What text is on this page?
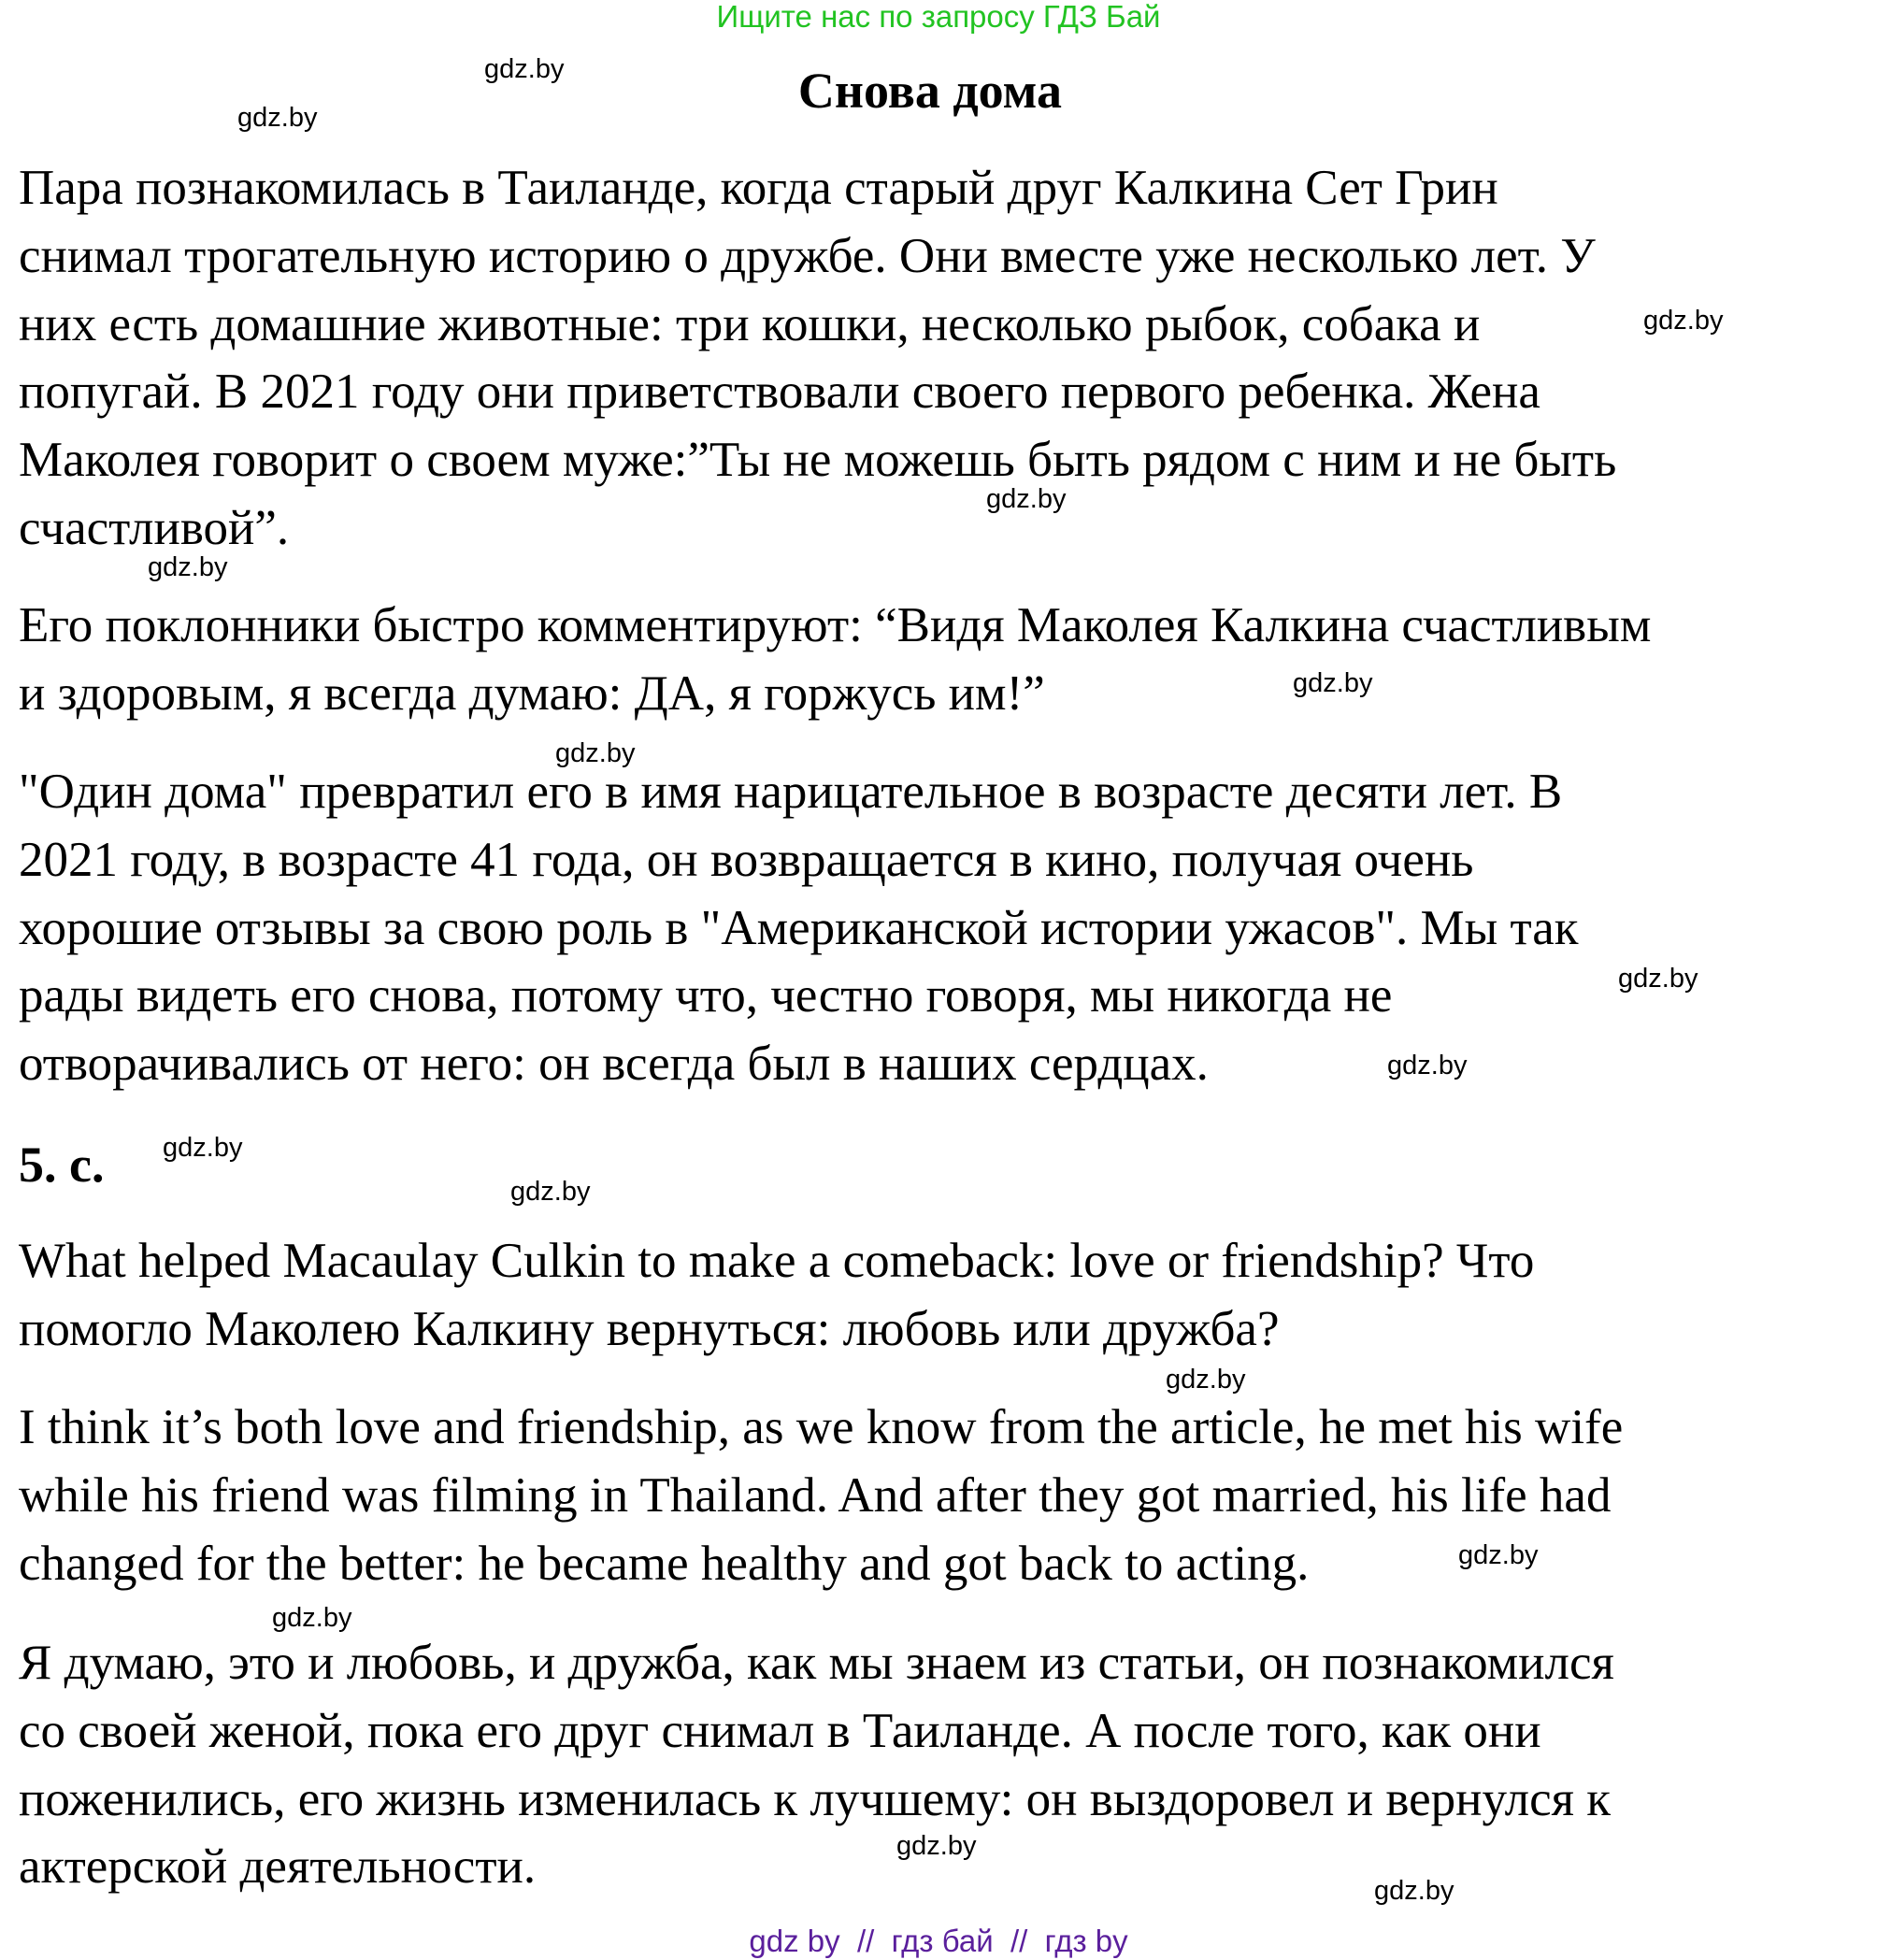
Ищите нас по запросу ГДЗ Бай
Снова дома
Пара познакомилась в Таиланде, когда старый друг Калкина Сет Грин
снимал трогательную историю о дружбе. Они вместе уже несколько лет. У
них есть домашние животные: три кошки, несколько рыбок, собака и
попугай. В 2021 году они приветствовали своего первого ребенка. Жена
Маколея говорит о своем муже:”Ты не можешь быть рядом с ним и не быть
счастливой”.
Его поклонники быстро комментируют: “Видя Маколея Калкина счастливым
и здоровым, я всегда думаю: ДА, я горжусь им!”
"Один дома" превратил его в имя нарицательное в возрасте десяти лет. В
2021 году, в возрасте 41 года, он возвращается в кино, получая очень
хорошие отзывы за свою роль в "Американской истории ужасов". Мы так
рады видеть его снова, потому что, честно говоря, мы никогда не
отворачивались от него: он всегда был в наших сердцах.
5. c.
What helped Macaulay Culkin to make a comeback: love or friendship? Что
помогло Маколею Калкину вернуться: любовь или дружба?
I think it’s both love and friendship, as we know from the article, he met his wife
while his friend was filming in Thailand. And after they got married, his life had
changed for the better: he became healthy and got back to acting.
Я думаю, это и любовь, и дружба, как мы знаем из статьи, он познакомился
со своей женой, пока его друг снимал в Таиланде. А после того, как они
поженились, его жизнь изменилась к лучшему: он выздоровел и вернулся к
актерской деятельности.
gdz.by
gdz.by
gdz.by
gdz.by
gdz.by
gdz.by
gdz.by
gdz.by
gdz.by
gdz.by
gdz.by
gdz.by
gdz.by
gdz.by
gdz.by
gdz.by
gdz by  //  гдз бай  //  гдз by
